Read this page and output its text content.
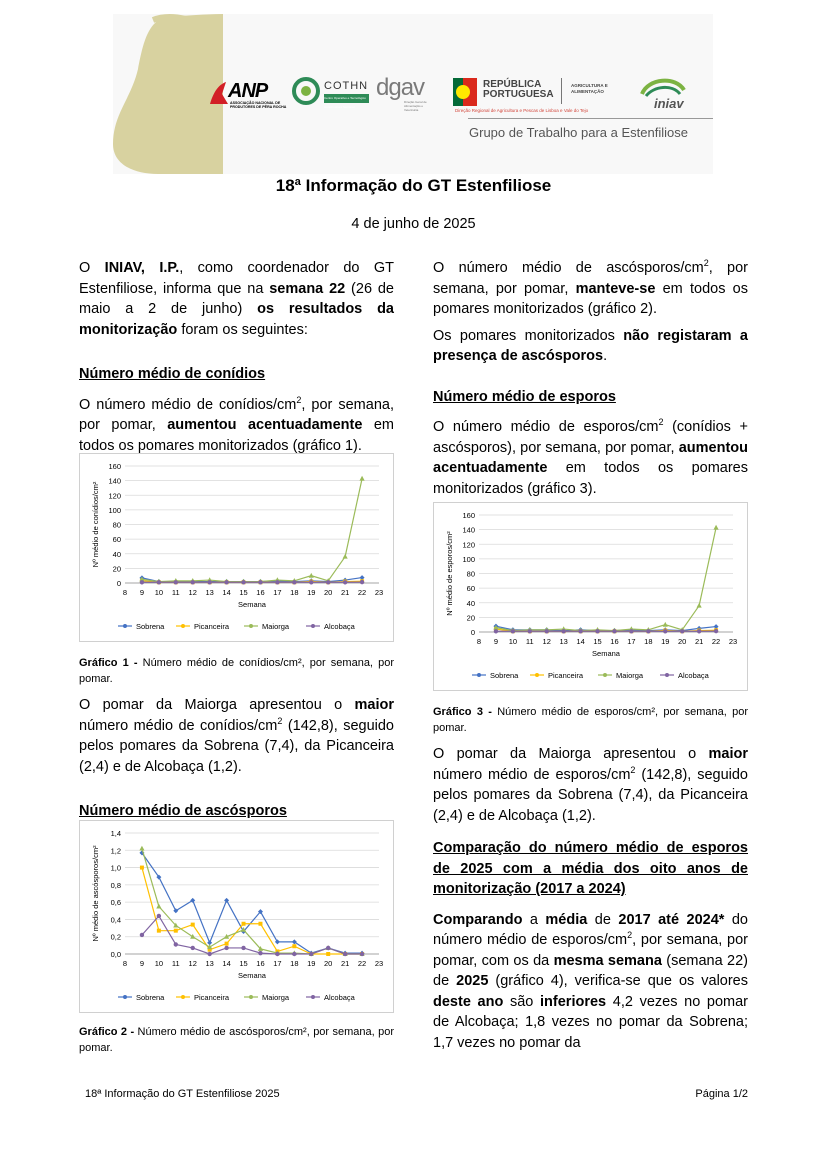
ANP
ASSOCIAÇÃO NACIONAL DE PRODUTORES DE PÊRA ROCHA
COTHN
Centro Operativo e Tecnológico Hortofrutícola Nacional
dgav
Direção Geral de Alimentação e Veterinária
REPÚBLICA PORTUGUESA
AGRICULTURA E ALIMENTAÇÃO
Direção Regional de Agricultura e Pescas de Lisboa e Vale do Tejo	iniav
Grupo de Trabalho para a Estenfiliose
18ª Informação do GT Estenfiliose
4 de junho de 2025

O INIAV, I.P., como coordenador do GT Estenfiliose, informa que na semana 22 (26 de maio a 2 de junho) os resultados da monitorização foram os seguintes:

Número médio de conídios

O número médio de conídios/$cm^2$, por semana, por pomar, aumentou acentuadamente em todos os pomares monitorizados (gráfico 1).

0
20
40
60
80
100
120
140
160
8 9 10 11 12 13 14 15 16 17 18 19 20 21 22 23
Semana
Nº médio de conídios/cm²
Sobrena	Picanceira	Maiorga	Alcobaça
Gráfico 1 - Número médio de conídios/cm², por semana, por pomar.

O pomar da Maiorga apresentou o maior número médio de conídios/$cm^2$ (142,8), seguido pelos pomares da Sobrena (7,4), da Picanceira (2,4) e de Alcobaça (1,2).

Número médio de ascósporos

0,0
0,2
0,4
0,6
0,8
1,0
1,2
1,4
8 9 10 11 12 13 14 15 16 17 18 19 20 21 22 23
Semana
Nº médio de ascósporos/cm²
Sobrena	Picanceira	Maiorga	Alcobaça
Gráfico 2 - Número médio de ascósporos/cm², por semana, por pomar.

O número médio de ascósporos/$cm^2$, por semana, por pomar, manteve-se em todos os pomares monitorizados (gráfico 2).

Os pomares monitorizados não registaram a presença de ascósporos.

Número médio de esporos

O número médio de esporos/$cm^2$ (conídios + ascósporos), por semana, por pomar, aumentou acentuadamente em todos os pomares monitorizados (gráfico 3).

0
20
40
60
80
100
120
140
160
8 9 10 11 12 13 14 15 16 17 18 19 20 21 22 23
Semana
Nº médio de esporos/cm²
Sobrena	Picanceira	Maiorga	Alcobaça
Gráfico 3 - Número médio de esporos/cm², por semana, por pomar.

O pomar da Maiorga apresentou o maior número médio de esporos/$cm^2$ (142,8), seguido pelos pomares da Sobrena (7,4), da Picanceira (2,4) e de Alcobaça (1,2).

Comparação do número médio de esporos de 2025 com a média dos oito anos de monitorização (2017 a 2024)

Comparando a média de 2017 até 2024* do número médio de esporos/$cm^2$, por semana, por pomar, com os da mesma semana (semana 22) de 2025 (gráfico 4), verifica-se que os valores deste ano são inferiores 4,2 vezes no pomar de Alcobaça; 1,8 vezes no pomar da Sobrena; 1,7 vezes no pomar da

18ª Informação do GT Estenfiliose 2025	Página 1/2
